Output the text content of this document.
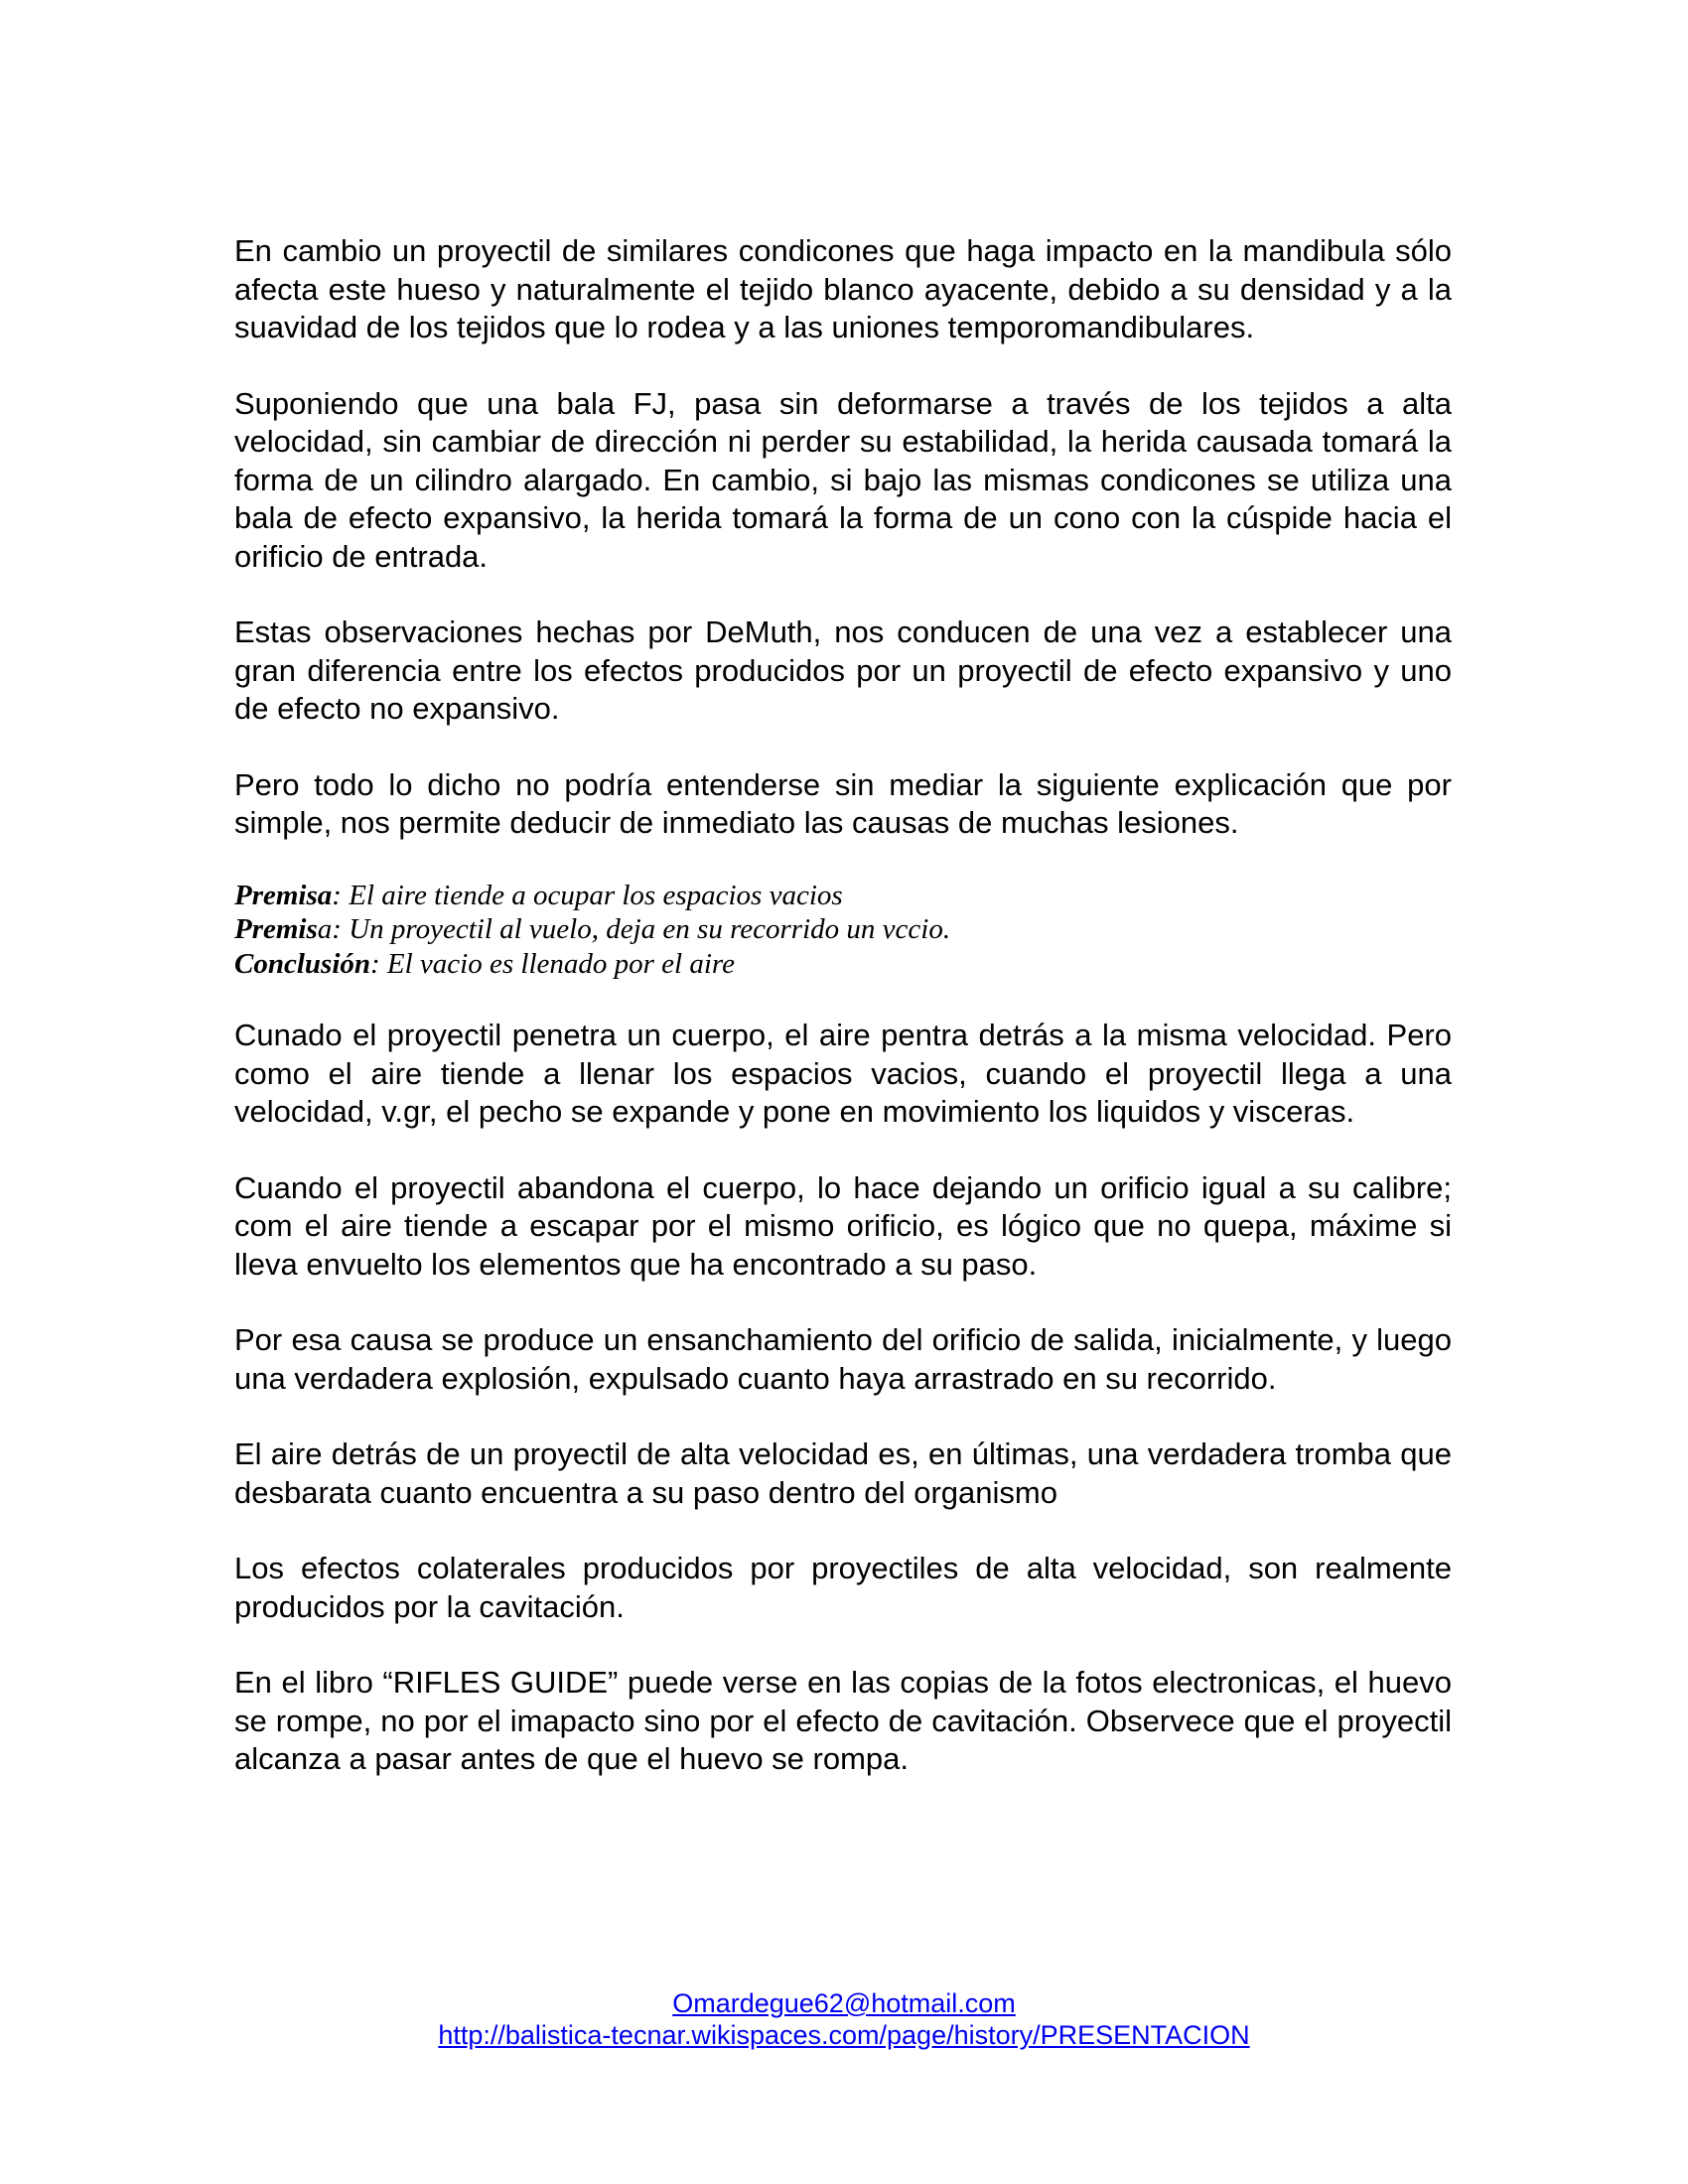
En cambio un proyectil de similares condicones que haga impacto en la mandibula sólo afecta este hueso y naturalmente el tejido blanco ayacente, debido a su densidad y a la suavidad de los tejidos que lo rodea y a las uniones temporomandibulares.

Suponiendo que una bala FJ, pasa sin deformarse a través de los tejidos a alta velocidad, sin cambiar de dirección ni perder su estabilidad, la herida causada tomará la forma de un cilindro alargado. En cambio, si bajo las mismas condicones se utiliza una bala de efecto expansivo, la herida tomará la forma de un cono con la cúspide hacia el orificio de entrada.

Estas observaciones hechas por DeMuth, nos conducen de una vez a establecer una gran diferencia entre los efectos producidos por un proyectil de efecto expansivo y uno de efecto no expansivo.

Pero todo lo dicho no podría entenderse sin mediar la siguiente explicación que por simple, nos permite deducir de inmediato las causas de muchas lesiones.

Premisa: El aire tiende a ocupar los espacios vacios
Premisa: Un proyectil al vuelo, deja en su recorrido un vccio.
Conclusión: El vacio es llenado por el aire

Cunado el proyectil penetra un cuerpo, el aire pentra detrás a la misma velocidad. Pero como el aire tiende a llenar los espacios vacios, cuando el proyectil llega a una velocidad, v.gr, el pecho se expande y pone en movimiento los liquidos y visceras.

Cuando el proyectil abandona el cuerpo, lo hace dejando un orificio igual a su calibre; com el aire tiende a escapar por el mismo orificio, es lógico que no quepa, máxime si lleva envuelto los elementos que ha encontrado a su paso.

Por esa causa se produce un ensanchamiento del orificio de salida, inicialmente, y luego una verdadera explosión, expulsado cuanto haya arrastrado en su recorrido.

El aire detrás de un proyectil de alta velocidad es, en últimas, una verdadera tromba que desbarata cuanto encuentra a su paso dentro del organismo

Los efectos colaterales producidos por proyectiles de alta velocidad, son realmente producidos por la cavitación.

En el libro “RIFLES GUIDE” puede verse en las copias de la fotos electronicas, el huevo se rompe, no por el imapacto sino por el efecto de cavitación. Observece que el proyectil alcanza a pasar antes de que el huevo se rompa.

Omardegue62@hotmail.com
http://balistica-tecnar.wikispaces.com/page/history/PRESENTACION
